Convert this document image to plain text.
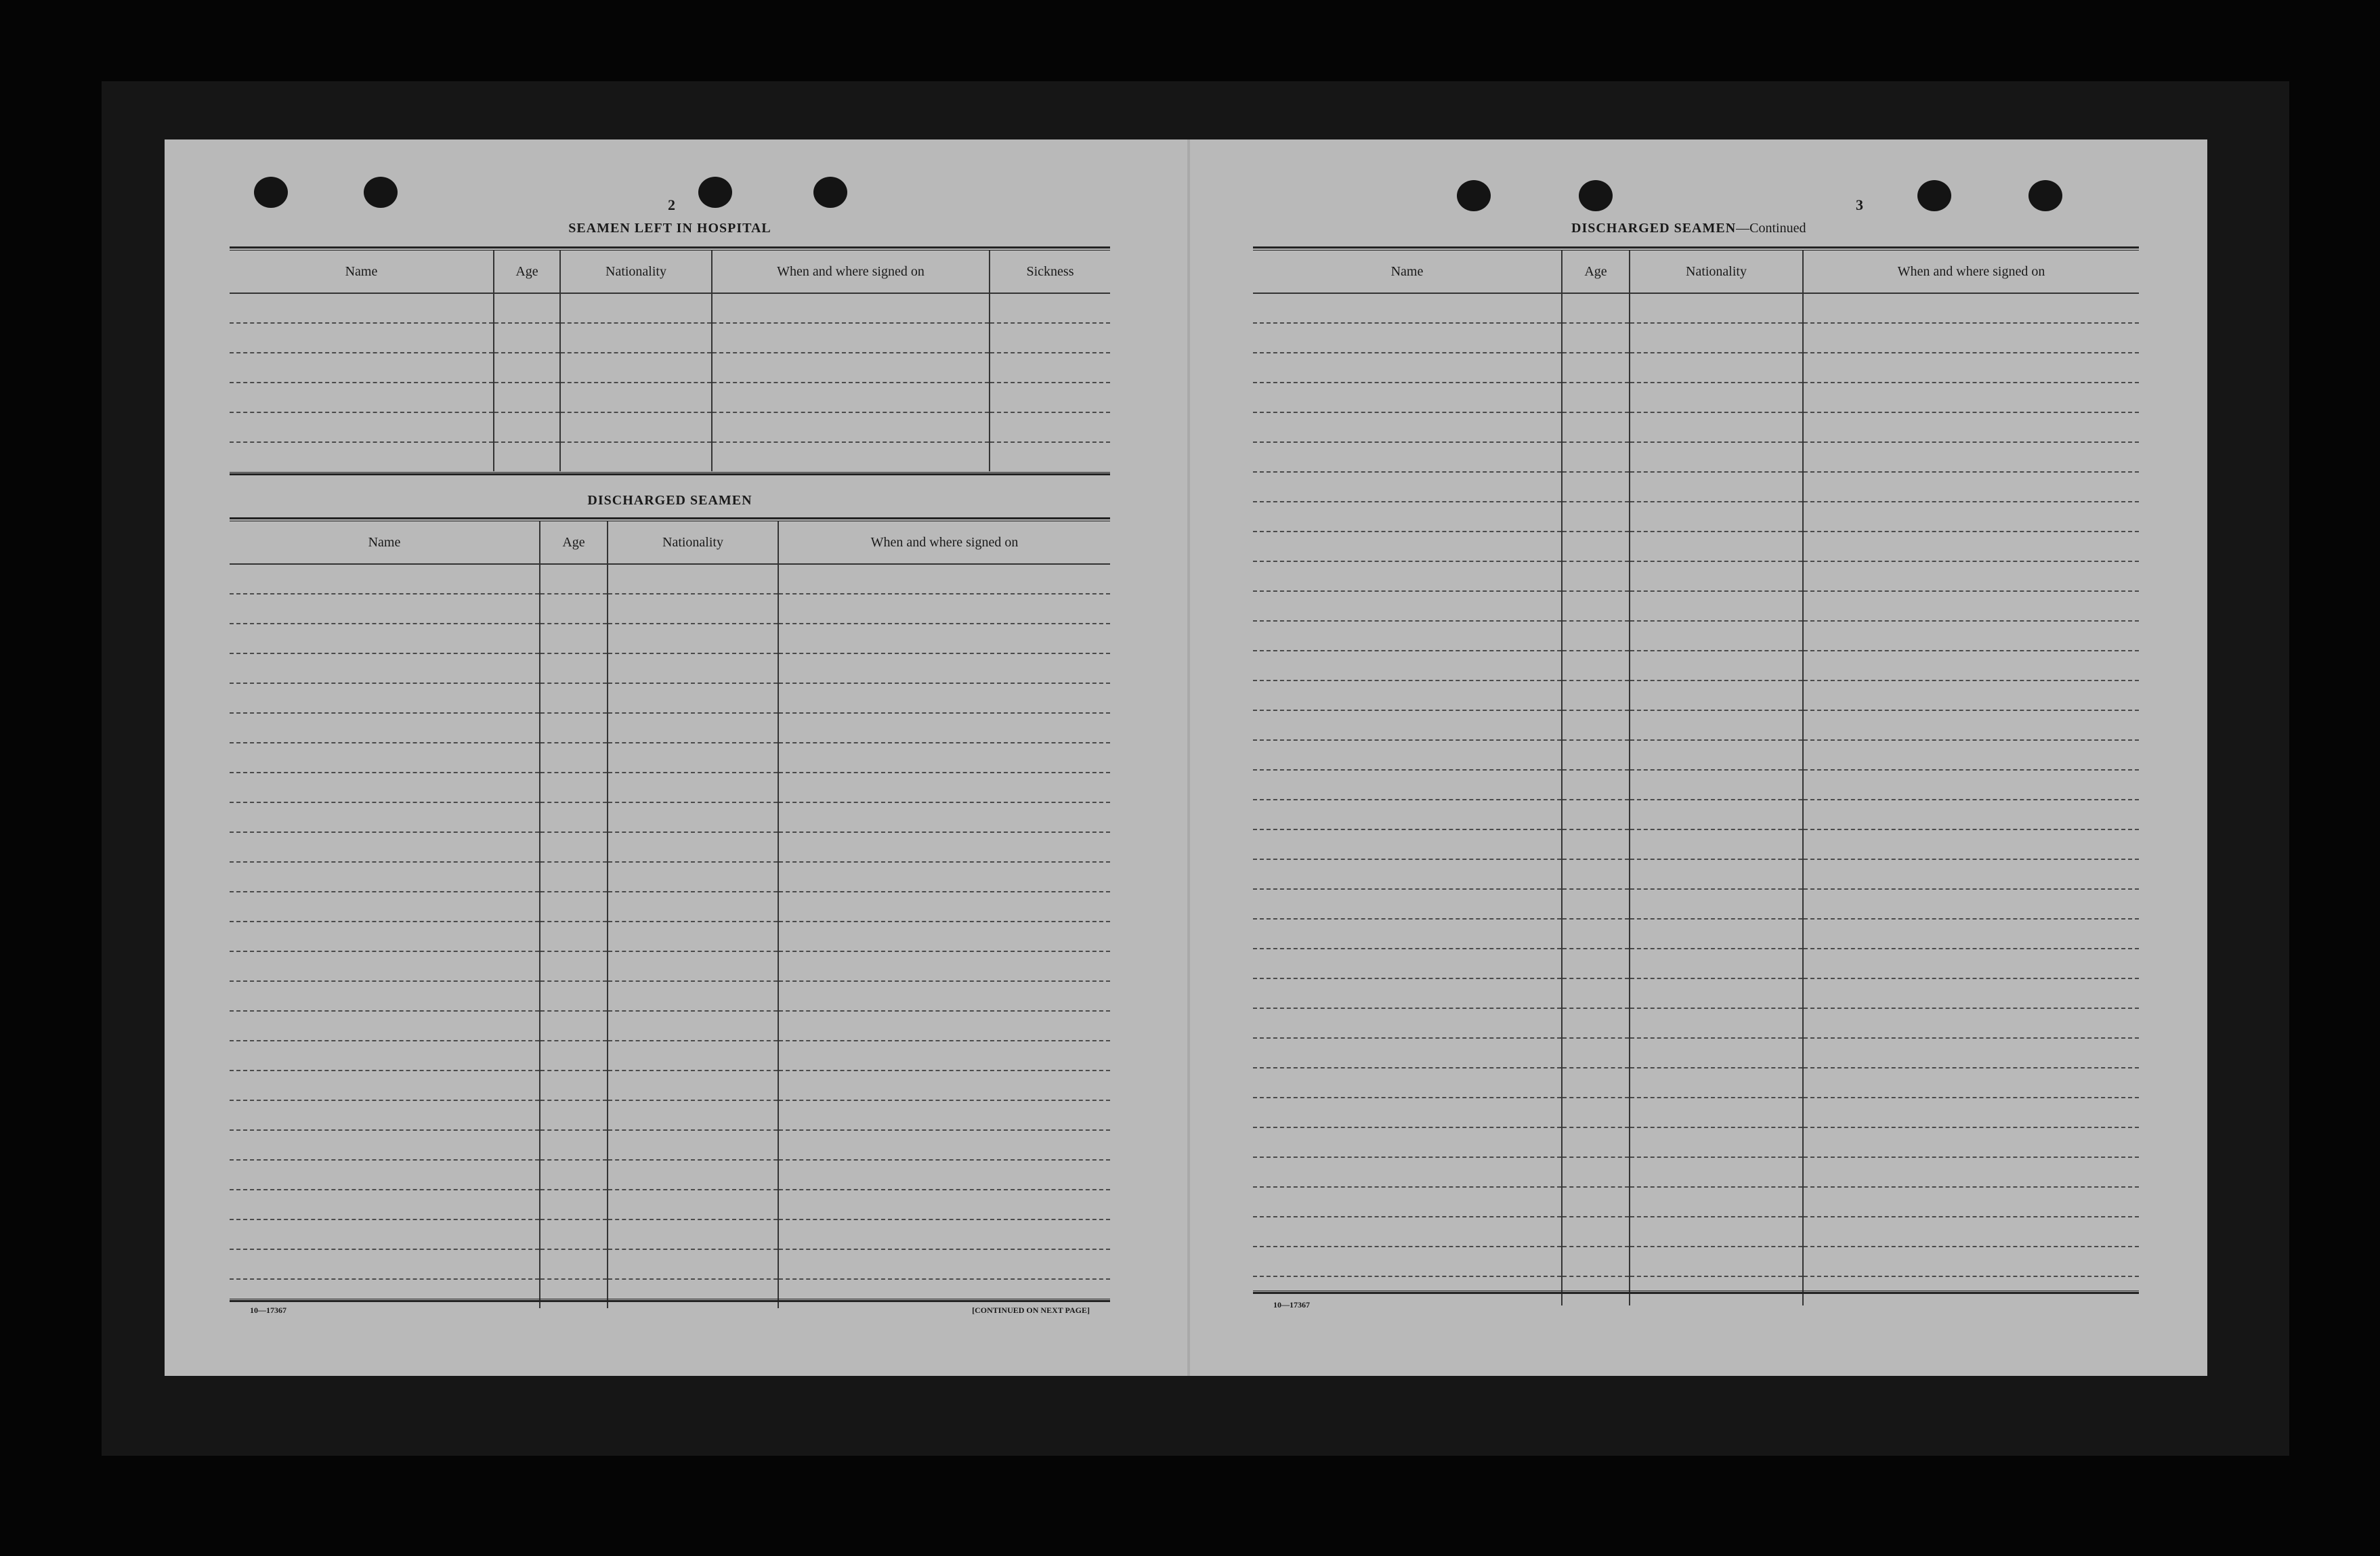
2
SEAMEN LEFT IN HOSPITAL
Name	Age	Nationality	When and where signed on	Sickness

DISCHARGED SEAMEN
Name	Age	Nationality	When and where signed on

10—17367	[CONTINUED ON NEXT PAGE]
3
DISCHARGED SEAMEN—Continued
Name	Age	Nationality	When and where signed on

10—17367
